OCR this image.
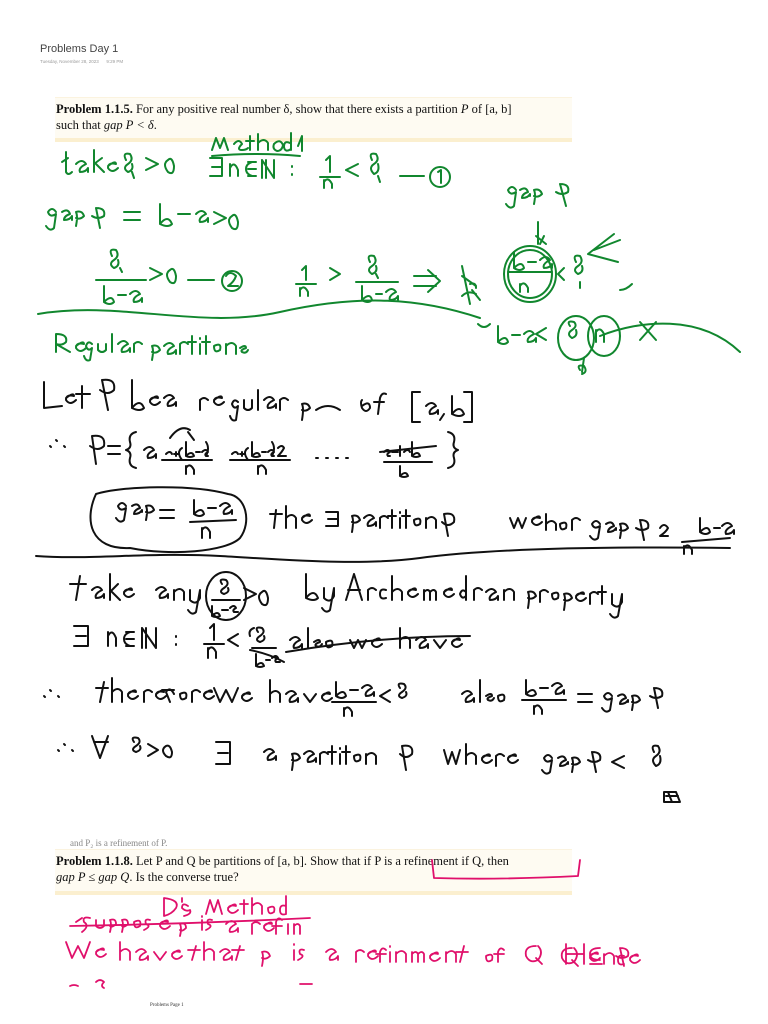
Problems Day 1
Tuesday, November 28, 2023 9:29 PM
Problem 1.1.5. For any positive real number δ, show that there exists a partition P of [a, b]
such that gap P < δ.
and P₂ is a refinement of P.
Problem 1.1.8. Let P and Q be partitions of [a, b]. Show that if P is a refinement if Q, then
gap P ≤ gap Q. Is the converse true?
Problems Page 1
